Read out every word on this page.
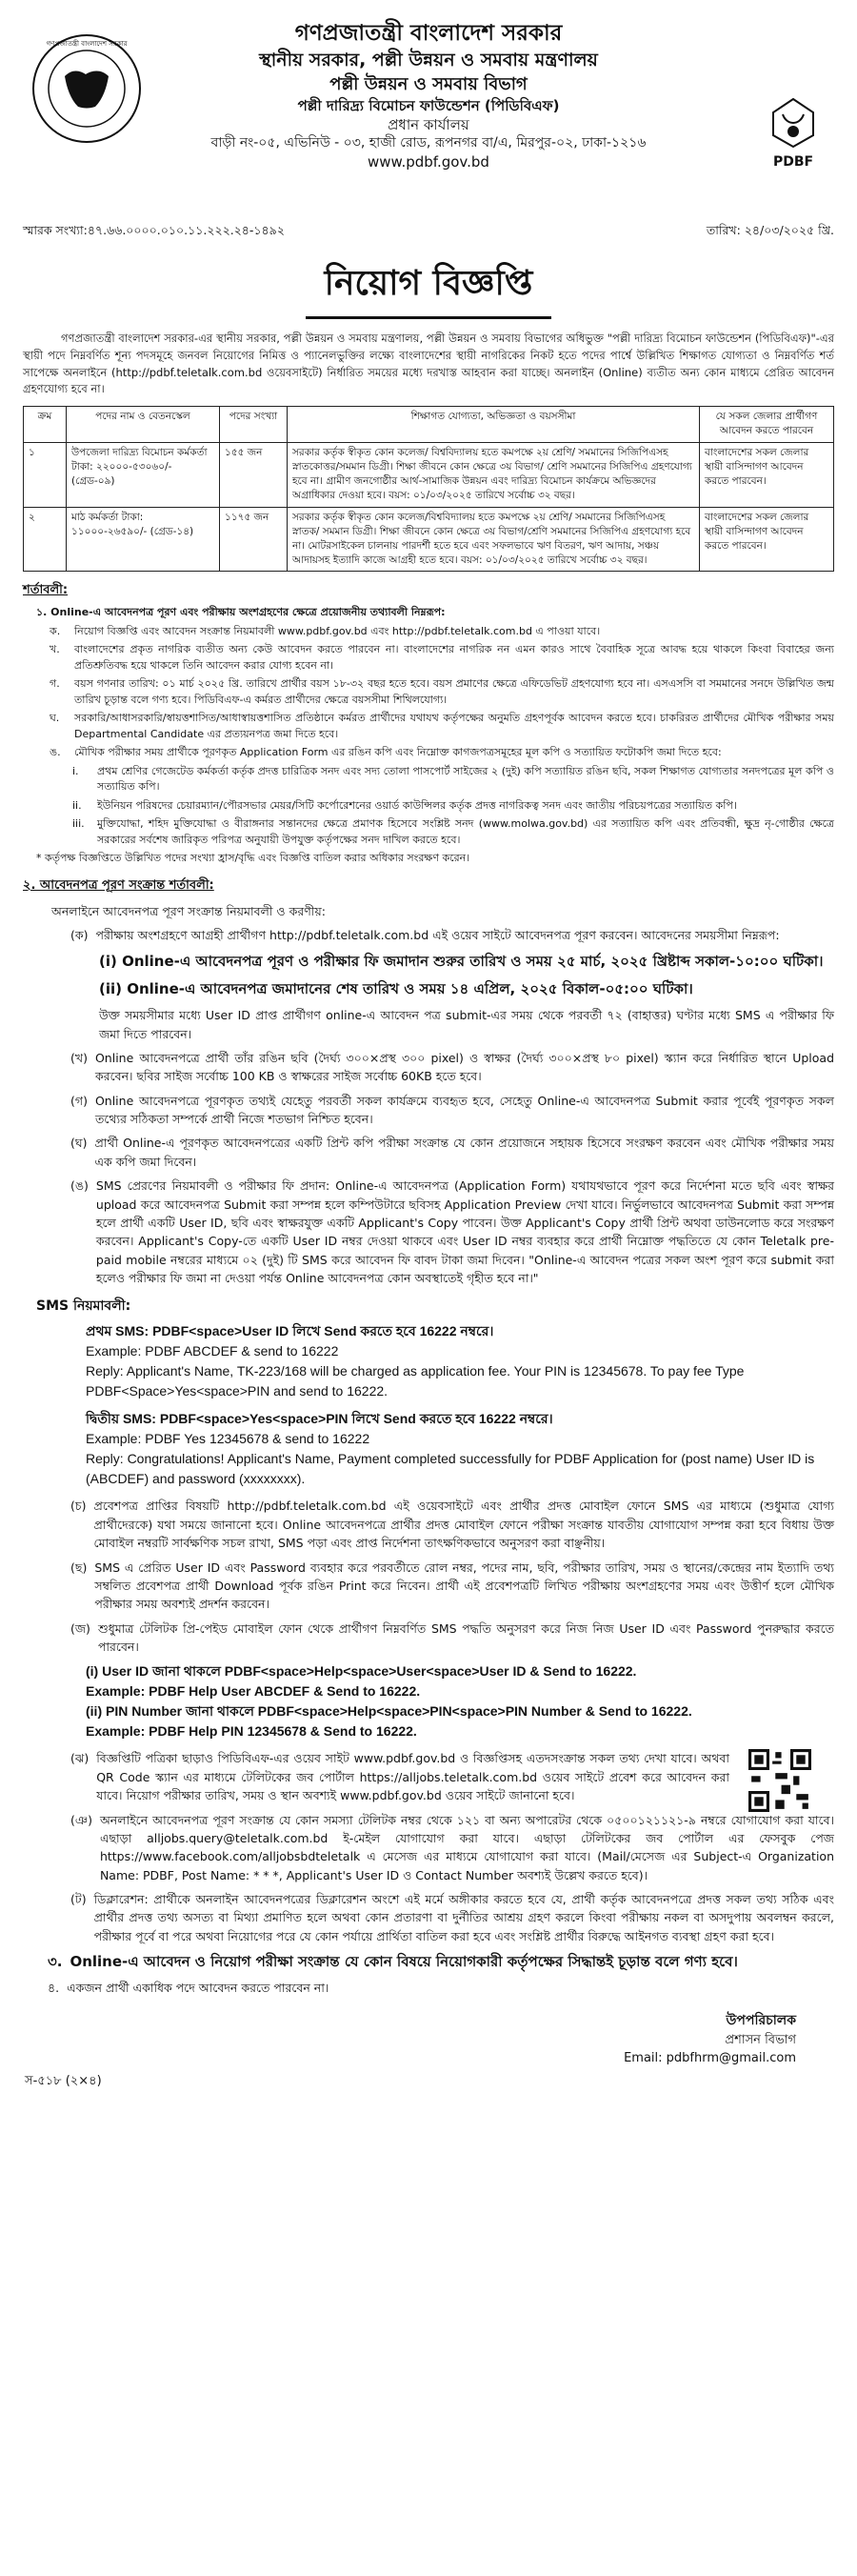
গণপ্রজাতন্ত্রী বাংলাদেশ সরকার	গণপ্রজাতন্ত্রী বাংলাদেশ সরকার
স্থানীয় সরকার, পল্লী উন্নয়ন ও সমবায় মন্ত্রণালয়
পল্লী উন্নয়ন ও সমবায় বিভাগ
পল্লী দারিদ্র্য বিমোচন ফাউন্ডেশন (পিডিবিএফ)
প্রধান কার্যালয়
বাড়ী নং-০৫, এভিনিউ - ০৩, হাজী রোড, রূপনগর বা/এ, মিরপুর-০২, ঢাকা-১২১৬
www.pdbf.gov.bd	PDBF
স্মারক সংখ্যা:৪৭.৬৬.০০০০.০১০.১১.২২২.২৪-১৪৯২	তারিখ: ২৪/০৩/২০২৫ খ্রি.
নিয়োগ বিজ্ঞপ্তি
গণপ্রজাতন্ত্রী বাংলাদেশ সরকার-এর স্থানীয় সরকার, পল্লী উন্নয়ন ও সমবায় মন্ত্রণালয়, পল্লী উন্নয়ন ও সমবায় বিভাগের অধিভুক্ত "পল্লী দারিদ্র্য বিমোচন ফাউন্ডেশন (পিডিবিএফ)"-এর স্থায়ী পদে নিম্নবর্ণিত শূন্য পদসমূহে জনবল নিয়োগের নিমিত্ত ও প্যানেলভুক্তির লক্ষ্যে বাংলাদেশের স্থায়ী নাগরিকের নিকট হতে পদের পার্শ্বে উল্লিখিত শিক্ষাগত যোগ্যতা ও নিম্নবর্ণিত শর্ত সাপেক্ষে অনলাইনে (http://pdbf.teletalk.com.bd ওয়েবসাইটে) নির্ধারিত সময়ের মধ্যে দরখাস্ত আহবান করা যাচ্ছে। অনলাইন (Online) ব্যতীত অন্য কোন মাধ্যমে প্রেরিত আবেদন গ্রহণযোগ্য হবে না।
ক্রম	পদের নাম ও বেতনস্কেল	পদের সংখ্যা	শিক্ষাগত যোগ্যতা, অভিজ্ঞতা ও বয়সসীমা	যে সকল জেলার প্রার্থীগণ আবেদন করতে পারবেন
১	উপজেলা দারিদ্র্য বিমোচন কর্মকর্তা টাকা: ২২০০০-৫৩০৬০/- (গ্রেড-০৯)	১৫৫ জন	সরকার কর্তৃক স্বীকৃত কোন কলেজ/ বিশ্ববিদ্যালয় হতে কমপক্ষে ২য় শ্রেণি/ সমমানের সিজিপিএসহ স্নাতকোত্তর/সমমান ডিগ্রী। শিক্ষা জীবনে কোন ক্ষেত্রে ৩য় বিভাগ/ শ্রেণি সমমানের সিজিপিএ গ্রহণযোগ্য হবে না। গ্রামীণ জনগোষ্ঠীর আর্থ-সামাজিক উন্নয়ন এবং দারিদ্র্য বিমোচন কার্যক্রমে অভিজ্ঞদের অগ্রাধিকার দেওয়া হবে। বয়স: ০১/০৩/২০২৫ তারিখে সর্বোচ্চ ৩২ বছর।	বাংলাদেশের সকল জেলার স্থায়ী বাসিন্দাগণ আবেদন করতে পারবেন।
২	মাঠ কর্মকর্তা টাকা: ১১০০০-২৬৫৯০/- (গ্রেড-১৪)	১১৭৫ জন	সরকার কর্তৃক স্বীকৃত কোন কলেজ/বিশ্ববিদ্যালয় হতে কমপক্ষে ২য় শ্রেণি/ সমমানের সিজিপিএসহ স্নাতক/ সমমান ডিগ্রী। শিক্ষা জীবনে কোন ক্ষেত্রে ৩য় বিভাগ/শ্রেণি সমমানের সিজিপিএ গ্রহণযোগ্য হবে না। মোটরসাইকেল চালনায় পারদর্শী হতে হবে এবং সফলভাবে ঋণ বিতরণ, ঋণ আদায়, সঞ্চয় আদায়সহ ইত্যাদি কাজে আগ্রহী হতে হবে। বয়স: ০১/০৩/২০২৫ তারিখে সর্বোচ্চ ৩২ বছর।	বাংলাদেশের সকল জেলার স্থায়ী বাসিন্দাগণ আবেদন করতে পারবেন।
শর্তাবলী:
১. Online-এ আবেদনপত্র পূরণ এবং পরীক্ষায় অংশগ্রহণের ক্ষেত্রে প্রয়োজনীয় তথ্যাবলী নিম্নরূপ:
ক.	নিয়োগ বিজ্ঞপ্তি এবং আবেদন সংক্রান্ত নিয়মাবলী www.pdbf.gov.bd এবং http://pdbf.teletalk.com.bd এ পাওয়া যাবে।
খ.	বাংলাদেশের প্রকৃত নাগরিক ব্যতীত অন্য কেউ আবেদন করতে পারবেন না। বাংলাদেশের নাগরিক নন এমন কারও সাথে বৈবাহিক সূত্রে আবদ্ধ হয়ে থাকলে কিংবা বিবাহের জন্য প্রতিশ্রুতিবদ্ধ হয়ে থাকলে তিনি আবেদন করার যোগ্য হবেন না।
গ.	বয়স গণনার তারিখ: ০১ মার্চ ২০২৫ খ্রি. তারিখে প্রার্থীর বয়স ১৮-৩২ বছর হতে হবে। বয়স প্রমাণের ক্ষেত্রে এফিডেভিট গ্রহণযোগ্য হবে না। এসএসসি বা সমমানের সনদে উল্লিখিত জন্ম তারিখ চূড়ান্ত বলে গণ্য হবে। পিডিবিএফ-এ কর্মরত প্রার্থীদের ক্ষেত্রে বয়সসীমা শিথিলযোগ্য।
ঘ.	সরকারি/আধাসরকারি/স্বায়ত্তশাসিত/আধাস্বায়ত্তশাসিত প্রতিষ্ঠানে কর্মরত প্রার্থীদের যথাযথ কর্তৃপক্ষের অনুমতি গ্রহণপূর্বক আবেদন করতে হবে। চাকরিরত প্রার্থীদের মৌখিক পরীক্ষার সময় Departmental Candidate এর প্রত্যয়নপত্র জমা দিতে হবে।
ঙ.	মৌখিক পরীক্ষার সময় প্রার্থীকে পূরণকৃত Application Form এর রঙিন কপি এবং নিম্নোক্ত কাগজপত্রসমূহের মূল কপি ও সত্যায়িত ফটোকপি জমা দিতে হবে:
i.	প্রথম শ্রেণির গেজেটেড কর্মকর্তা কর্তৃক প্রদত্ত চারিত্রিক সনদ এবং সদ্য তোলা পাসপোর্ট সাইজের ২ (দুই) কপি সত্যায়িত রঙিন ছবি, সকল শিক্ষাগত যোগ্যতার সনদপত্রের মূল কপি ও সত্যায়িত কপি।
ii.	ইউনিয়ন পরিষদের চেয়ারম্যান/পৌরসভার মেয়র/সিটি কর্পোরেশনের ওয়ার্ড কাউন্সিলর কর্তৃক প্রদত্ত নাগরিকত্ব সনদ এবং জাতীয় পরিচয়পত্রের সত্যায়িত কপি।
iii.	মুক্তিযোদ্ধা, শহিদ মুক্তিযোদ্ধা ও বীরাঙ্গনার সন্তানদের ক্ষেত্রে প্রমাণক হিসেবে সংশ্লিষ্ট সনদ (www.molwa.gov.bd) এর সত্যায়িত কপি এবং প্রতিবন্ধী, ক্ষুদ্র নৃ-গোষ্ঠীর ক্ষেত্রে সরকারের সর্বশেষ জারিকৃত পরিপত্র অনুযায়ী উপযুক্ত কর্তৃপক্ষের সনদ দাখিল করতে হবে।
* কর্তৃপক্ষ বিজ্ঞপ্তিতে উল্লিখিত পদের সংখ্যা হ্রাস/বৃদ্ধি এবং বিজ্ঞপ্তি বাতিল করার অধিকার সংরক্ষণ করেন।
২. আবেদনপত্র পূরণ সংক্রান্ত শর্তাবলী:
অনলাইনে আবেদনপত্র পূরণ সংক্রান্ত নিয়মাবলী ও করণীয়:
(ক) পরীক্ষায় অংশগ্রহণে আগ্রহী প্রার্থীগণ http://pdbf.teletalk.com.bd এই ওয়েব সাইটে আবেদনপত্র পূরণ করবেন। আবেদনের সময়সীমা নিম্নরূপ:
(i) Online-এ আবেদনপত্র পূরণ ও পরীক্ষার ফি জমাদান শুরুর তারিখ ও সময় ২৫ মার্চ, ২০২৫ খ্রিষ্টাব্দ সকাল-১০:০০ ঘটিকা।
(ii) Online-এ আবেদনপত্র জমাদানের শেষ তারিখ ও সময় ১৪ এপ্রিল, ২০২৫ বিকাল-০৫:০০ ঘটিকা।
উক্ত সময়সীমার মধ্যে User ID প্রাপ্ত প্রার্থীগণ online-এ আবেদন পত্র submit-এর সময় থেকে পরবর্তী ৭২ (বাহাত্তর) ঘণ্টার মধ্যে SMS এ পরীক্ষার ফি জমা দিতে পারবেন।
(খ) Online আবেদনপত্রে প্রার্থী তাঁর রঙিন ছবি (দৈর্ঘ্য ৩০০×প্রস্থ ৩০০ pixel) ও স্বাক্ষর (দৈর্ঘ্য ৩০০×প্রস্থ ৮০ pixel) স্ক্যান করে নির্ধারিত স্থানে Upload করবেন। ছবির সাইজ সর্বোচ্চ 100 KB ও স্বাক্ষরের সাইজ সর্বোচ্চ 60KB হতে হবে।
(গ) Online আবেদনপত্রে পূরণকৃত তথ্যই যেহেতু পরবর্তী সকল কার্যক্রমে ব্যবহৃত হবে, সেহেতু Online-এ আবেদনপত্র Submit করার পূর্বেই পূরণকৃত সকল তথ্যের সঠিকতা সম্পর্কে প্রার্থী নিজে শতভাগ নিশ্চিত হবেন।
(ঘ) প্রার্থী Online-এ পূরণকৃত আবেদনপত্রের একটি প্রিন্ট কপি পরীক্ষা সংক্রান্ত যে কোন প্রয়োজনে সহায়ক হিসেবে সংরক্ষণ করবেন এবং মৌখিক পরীক্ষার সময় এক কপি জমা দিবেন।
(ঙ) SMS প্রেরণের নিয়মাবলী ও পরীক্ষার ফি প্রদান: Online-এ আবেদনপত্র (Application Form) যথাযথভাবে পূরণ করে নির্দেশনা মতে ছবি এবং স্বাক্ষর upload করে আবেদনপত্র Submit করা সম্পন্ন হলে কম্পিউটারে ছবিসহ Application Preview দেখা যাবে। নির্ভুলভাবে আবেদনপত্র Submit করা সম্পন্ন হলে প্রার্থী একটি User ID, ছবি এবং স্বাক্ষরযুক্ত একটি Applicant's Copy পাবেন। উক্ত Applicant's Copy প্রার্থী প্রিন্ট অথবা ডাউনলোড করে সংরক্ষণ করবেন। Applicant's Copy-তে একটি User ID নম্বর দেওয়া থাকবে এবং User ID নম্বর ব্যবহার করে প্রার্থী নিম্নোক্ত পদ্ধতিতে যে কোন Teletalk pre-paid mobile নম্বরের মাধ্যমে ০২ (দুই) টি SMS করে আবেদন ফি বাবদ টাকা জমা দিবেন। "Online-এ আবেদন পত্রের সকল অংশ পূরণ করে submit করা হলেও পরীক্ষার ফি জমা না দেওয়া পর্যন্ত Online আবেদনপত্র কোন অবস্থাতেই গৃহীত হবে না।"
SMS নিয়মাবলী:
প্রথম SMS: PDBF<space>User ID লিখে Send করতে হবে 16222 নম্বরে।
Example: PDBF ABCDEF & send to 16222
Reply: Applicant's Name, TK-223/168 will be charged as application fee. Your PIN is 12345678. To pay fee Type PDBF<Space>Yes<space>PIN and send to 16222.
দ্বিতীয় SMS: PDBF<space>Yes<space>PIN লিখে Send করতে হবে 16222 নম্বরে।
Example: PDBF Yes 12345678 & send to 16222
Reply: Congratulations! Applicant's Name, Payment completed successfully for PDBF Application for (post name) User ID is (ABCDEF) and password (xxxxxxxx).
(চ) প্রবেশপত্র প্রাপ্তির বিষয়টি http://pdbf.teletalk.com.bd এই ওয়েবসাইটে এবং প্রার্থীর প্রদত্ত মোবাইল ফোনে SMS এর মাধ্যমে (শুধুমাত্র যোগ্য প্রার্থীদেরকে) যথা সময়ে জানানো হবে। Online আবেদনপত্রে প্রার্থীর প্রদত্ত মোবাইল ফোনে পরীক্ষা সংক্রান্ত যাবতীয় যোগাযোগ সম্পন্ন করা হবে বিধায় উক্ত মোবাইল নম্বরটি সার্বক্ষণিক সচল রাখা, SMS পড়া এবং প্রাপ্ত নির্দেশনা তাৎক্ষণিকভাবে অনুসরণ করা বাঞ্ছনীয়।
(ছ) SMS এ প্রেরিত User ID এবং Password ব্যবহার করে পরবর্তীতে রোল নম্বর, পদের নাম, ছবি, পরীক্ষার তারিখ, সময় ও স্থানের/কেন্দ্রের নাম ইত্যাদি তথ্য সম্বলিত প্রবেশপত্র প্রার্থী Download পূর্বক রঙিন Print করে নিবেন। প্রার্থী এই প্রবেশপত্রটি লিখিত পরীক্ষায় অংশগ্রহণের সময় এবং উত্তীর্ণ হলে মৌখিক পরীক্ষার সময় অবশ্যই প্রদর্শন করবেন।
(জ) শুধুমাত্র টেলিটক প্রি-পেইড মোবাইল ফোন থেকে প্রার্থীগণ নিম্নবর্ণিত SMS পদ্ধতি অনুসরণ করে নিজ নিজ User ID এবং Password পুনরুদ্ধার করতে পারবেন।
(i) User ID জানা থাকলে PDBF<space>Help<space>User<space>User ID & Send to 16222.
Example: PDBF Help User ABCDEF & Send to 16222.
(ii) PIN Number জানা থাকলে PDBF<space>Help<space>PIN<space>PIN Number & Send to 16222.
Example: PDBF Help PIN 12345678 & Send to 16222.
(ঝ) বিজ্ঞপ্তিটি পত্রিকা ছাড়াও পিডিবিএফ-এর ওয়েব সাইট www.pdbf.gov.bd ও বিজ্ঞপ্তিসহ এতদসংক্রান্ত সকল তথ্য দেখা যাবে। অথবা QR Code স্ক্যান এর মাধ্যমে টেলিটকের জব পোর্টাল https://alljobs.teletalk.com.bd ওয়েব সাইটে প্রবেশ করে আবেদন করা যাবে। নিয়োগ পরীক্ষার তারিখ, সময় ও স্থান অবশ্যই www.pdbf.gov.bd ওয়েব সাইটে জানানো হবে।
(ঞ) অনলাইনে আবেদনপত্র পূরণ সংক্রান্ত যে কোন সমস্যা টেলিটক নম্বর থেকে ১২১ বা অন্য অপারেটর থেকে ০৫০০১২১১২১-৯ নম্বরে যোগাযোগ করা যাবে। এছাড়া alljobs.query@teletalk.com.bd ই-মেইল যোগাযোগ করা যাবে। এছাড়া টেলিটকের জব পোর্টাল এর ফেসবুক পেজ https://www.facebook.com/alljobsbdteletalk এ মেসেজ এর মাধ্যমে যোগাযোগ করা যাবে। (Mail/মেসেজ এর Subject-এ Organization Name: PDBF, Post Name: * * *, Applicant's User ID ও Contact Number অবশ্যই উল্লেখ করতে হবে)।
(ট) ডিক্লারেশন: প্রার্থীকে অনলাইন আবেদনপত্রের ডিক্লারেশন অংশে এই মর্মে অঙ্গীকার করতে হবে যে, প্রার্থী কর্তৃক আবেদনপত্রে প্রদত্ত সকল তথ্য সঠিক এবং প্রার্থীর প্রদত্ত তথ্য অসত্য বা মিথ্যা প্রমাণিত হলে অথবা কোন প্রতারণা বা দুর্নীতির আশ্রয় গ্রহণ করলে কিংবা পরীক্ষায় নকল বা অসদুপায় অবলম্বন করলে, পরীক্ষার পূর্বে বা পরে অথবা নিয়োগের পরে যে কোন পর্যায়ে প্রার্থিতা বাতিল করা হবে এবং সংশ্লিষ্ট প্রার্থীর বিরুদ্ধে আইনগত ব্যবস্থা গ্রহণ করা হবে।
৩. Online-এ আবেদন ও নিয়োগ পরীক্ষা সংক্রান্ত যে কোন বিষয়ে নিয়োগকারী কর্তৃপক্ষের সিদ্ধান্তই চূড়ান্ত বলে গণ্য হবে।
৪. একজন প্রার্থী একাধিক পদে আবেদন করতে পারবেন না।
উপপরিচালক
প্রশাসন বিভাগ
Email: pdbfhrm@gmail.com
স-৫১৮ (২×৪)
